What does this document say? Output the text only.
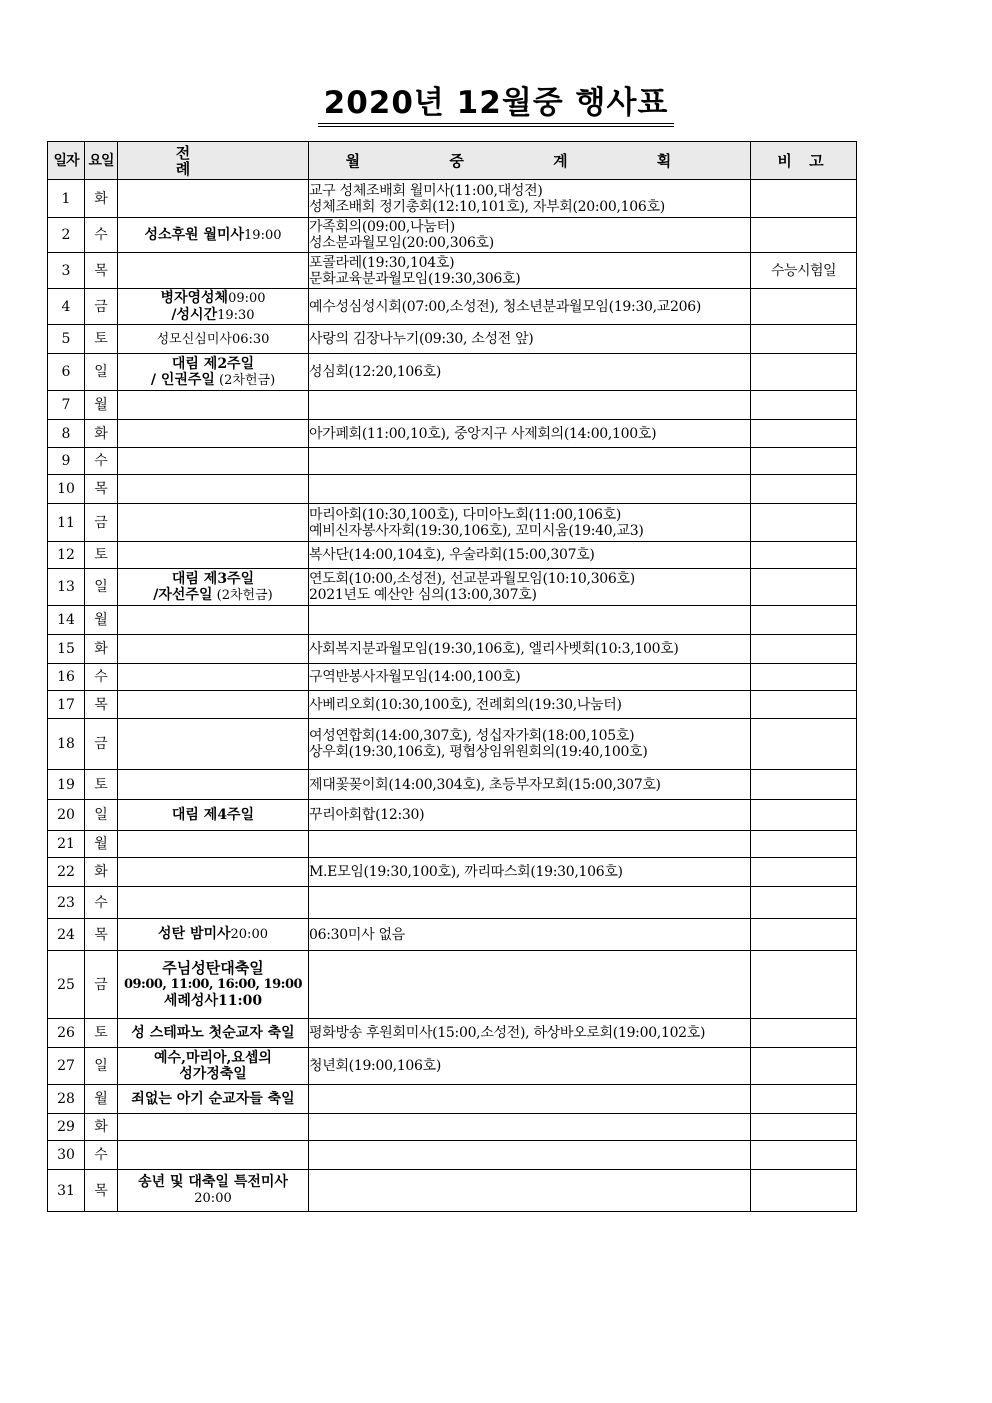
2020년 12월중 행사표
일자	요일	전 례	월 중 계 획	비 고
1	화		교구 성체조배회 월미사(11:00,대성전)
성체조배회 정기총회(12:10,101호), 자부회(20:00,106호)	

2	수	성소후원 월미사19:00	가족회의(09:00,나눔터)
성소분과월모임(20:00,306호)	

3	목		포콜라레(19:30,104호)
문화교육분과월모임(19:30,306호)	수능시험일
4	금	병자영성체09:00
/성시간19:30	예수성심성시회(07:00,소성전), 청소년분과월모임(19:30,교206)	

5	토	성모신심미사06:30	사랑의 김장나누기(09:30, 소성전 앞)	

6	일	대림 제2주일
/ 인권주일 (2차헌금)	성심회(12:20,106호)	

7	월			
8	화		아가페회(11:00,10호), 중앙지구 사제회의(14:00,100호)	

9	수			
10	목			
11	금		마리아회(10:30,100호), 다미아노회(11:00,106호)
예비신자봉사자회(19:30,106호), 꼬미시움(19:40,교3)	

12	토		복사단(14:00,104호), 우술라회(15:00,307호)	

13	일	대림 제3주일
/자선주일 (2차헌금)	연도회(10:00,소성전), 선교분과월모임(10:10,306호)
2021년도 예산안 심의(13:00,307호)	

14	월			
15	화		사회복지분과월모임(19:30,106호), 엘리사벳회(10:3,100호)	

16	수		구역반봉사자월모임(14:00,100호)	

17	목		사베리오회(10:30,100호), 전례회의(19:30,나눔터)	

18	금		여성연합회(14:00,307호), 성십자가회(18:00,105호)
상우회(19:30,106호), 평협상임위원회의(19:40,100호)	

19	토		제대꽃꽂이회(14:00,304호), 초등부자모회(15:00,307호)	

20	일	대림 제4주일	꾸리아회합(12:30)	

21	월			
22	화		M.E모임(19:30,100호), 까리따스회(19:30,106호)	

23	수			
24	목	성탄 밤미사20:00	06:30미사 없음	

25	금	주님성탄대축일
09:00, 11:00, 16:00, 19:00
세례성사11:00		

26	토	성 스테파노 첫순교자 축일	평화방송 후원회미사(15:00,소성전), 하상바오로회(19:00,102호)	

27	일	예수,마리아,요셉의
성가정축일	청년회(19:00,106호)	

28	월	죄없는 아기 순교자들 축일		

29	화			
30	수			
31	목	송년 및 대축일 특전미사
20:00		
